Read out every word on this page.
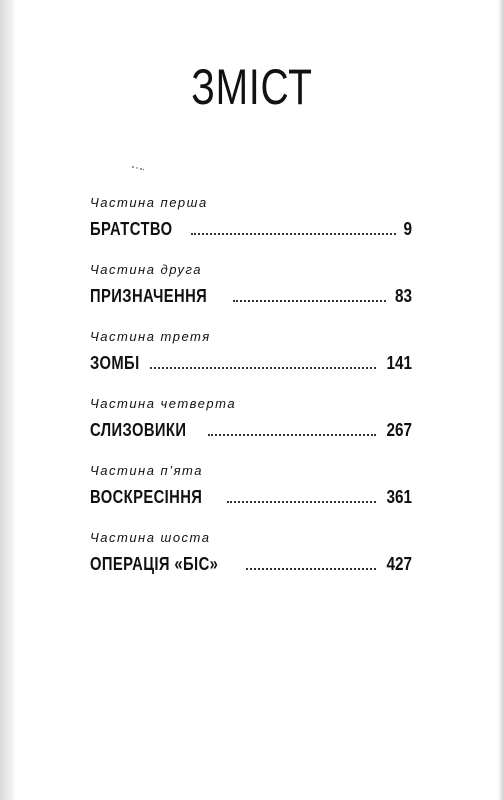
ЗМІСТ
Частина перша
БРАТСТВО	9
Частина друга
ПРИЗНАЧЕННЯ	83
Частина третя
ЗОМБІ	141
Частина четверта
СЛИЗОВИКИ	267
Частина п’ята
ВОСКРЕСІННЯ	361
Частина шоста
ОПЕРАЦІЯ «БІС»	427
